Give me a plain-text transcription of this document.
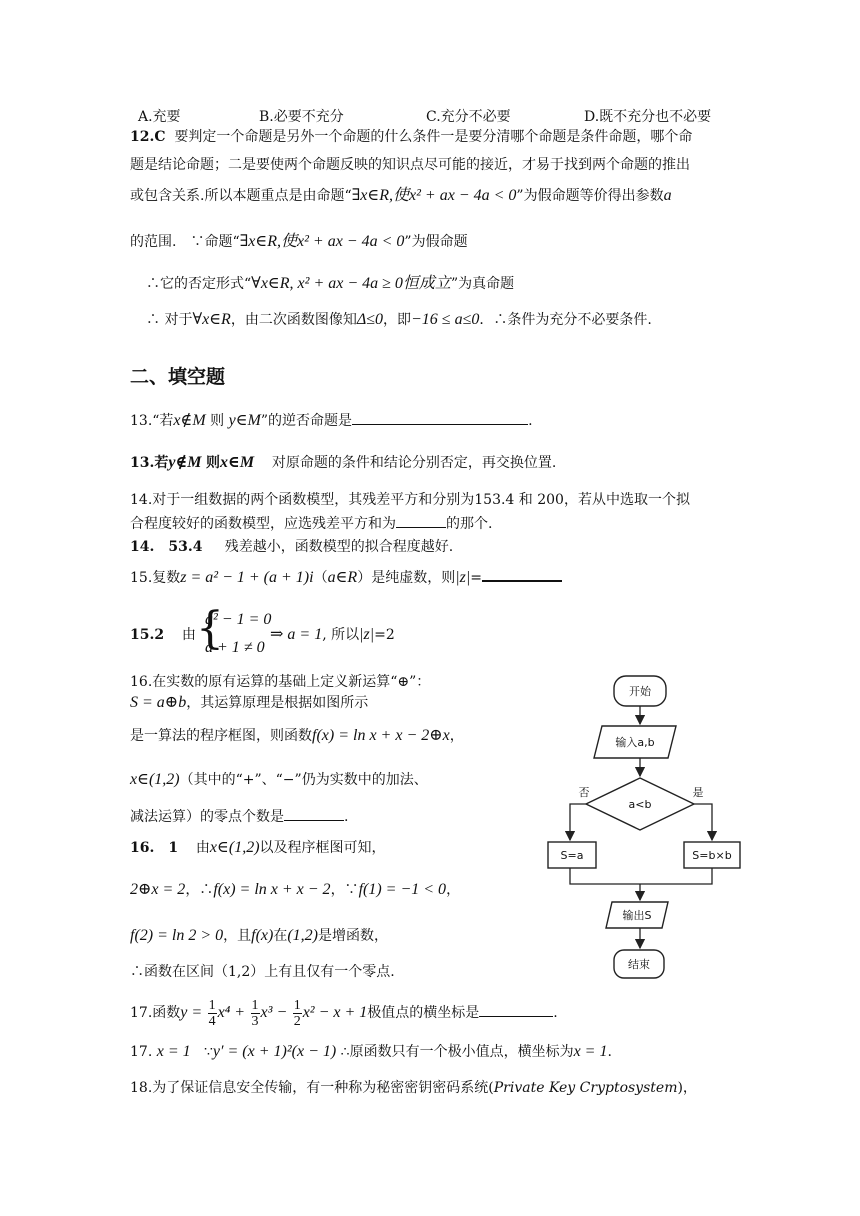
A.充要	B.必要不充分	C.充分不必要	D.既不充分也不必要
12.C 要判定一个命题是另外一个命题的什么条件一是要分清哪个命题是条件命题，哪个命
题是结论命题；二是要使两个命题反映的知识点尽可能的接近，才易于找到两个命题的推出
或包含关系.所以本题重点是由命题“∃x∈R,使x² + ax − 4a < 0”为假命题等价得出参数a
的范围.　∵命题“∃x∈R,使x² + ax − 4a < 0”为假命题
∴它的否定形式“∀x∈R, x² + ax − 4a ≥ 0恒成立”为真命题
∴ 对于∀x∈R，由二次函数图像知Δ≤0，即−16 ≤ a≤0．∴条件为充分不必要条件.
二、填空题
13.“若x∉M 则 y∈M”的逆否命题是	.
13.若y∉M 则x∈M 对原命题的条件和结论分别否定，再交换位置.
14.对于一组数据的两个函数模型，其残差平方和分别为153.4 和 200，若从中选取一个拟
合程度较好的函数模型，应选残差平方和为	的那个.
14.　53.4 残差越小，函数模型的拟合程度越好.
15.复数z = a² − 1 + (a + 1)i（a∈R）是纯虚数，则|z|=
15.2 由 {
a² − 1 = 0
a + 1 ≠ 0
⇒ a = 1, 所以|z|=2
16.在实数的原有运算的基础上定义新运算“⊕”：
S = a⊕b，其运算原理是根据如图所示
是一算法的程序框图，则函数f(x) = ln x + x − 2⊕x，
x∈(1,2)（其中的“+”、“−”仍为实数中的加法、
减法运算）的零点个数是	.
16.　1 由x∈(1,2)以及程序框图可知，
2⊕x = 2，∴f(x) = ln x + x − 2，∵f(1) = −1 < 0，
f(2) = ln 2 > 0，且f(x)在(1,2)是增函数，
∴函数在区间（1,2）上有且仅有一个零点.
开始
输入a,b
a<b
否	是
S=a	S=b×b
输出S
结束
17.函数$y = \frac{1}{4} x^4 + \frac{1}{3} x^3 - \frac{1}{2} x^2 - x + 1$极值点的横坐标是	.
17. x = 1 ∵y′ = (x + 1)²(x − 1) ∴原函数只有一个极小值点，横坐标为x = 1.
18.为了保证信息安全传输，有一种称为秘密密钥密码系统(Private Key Cryptosystem)，
